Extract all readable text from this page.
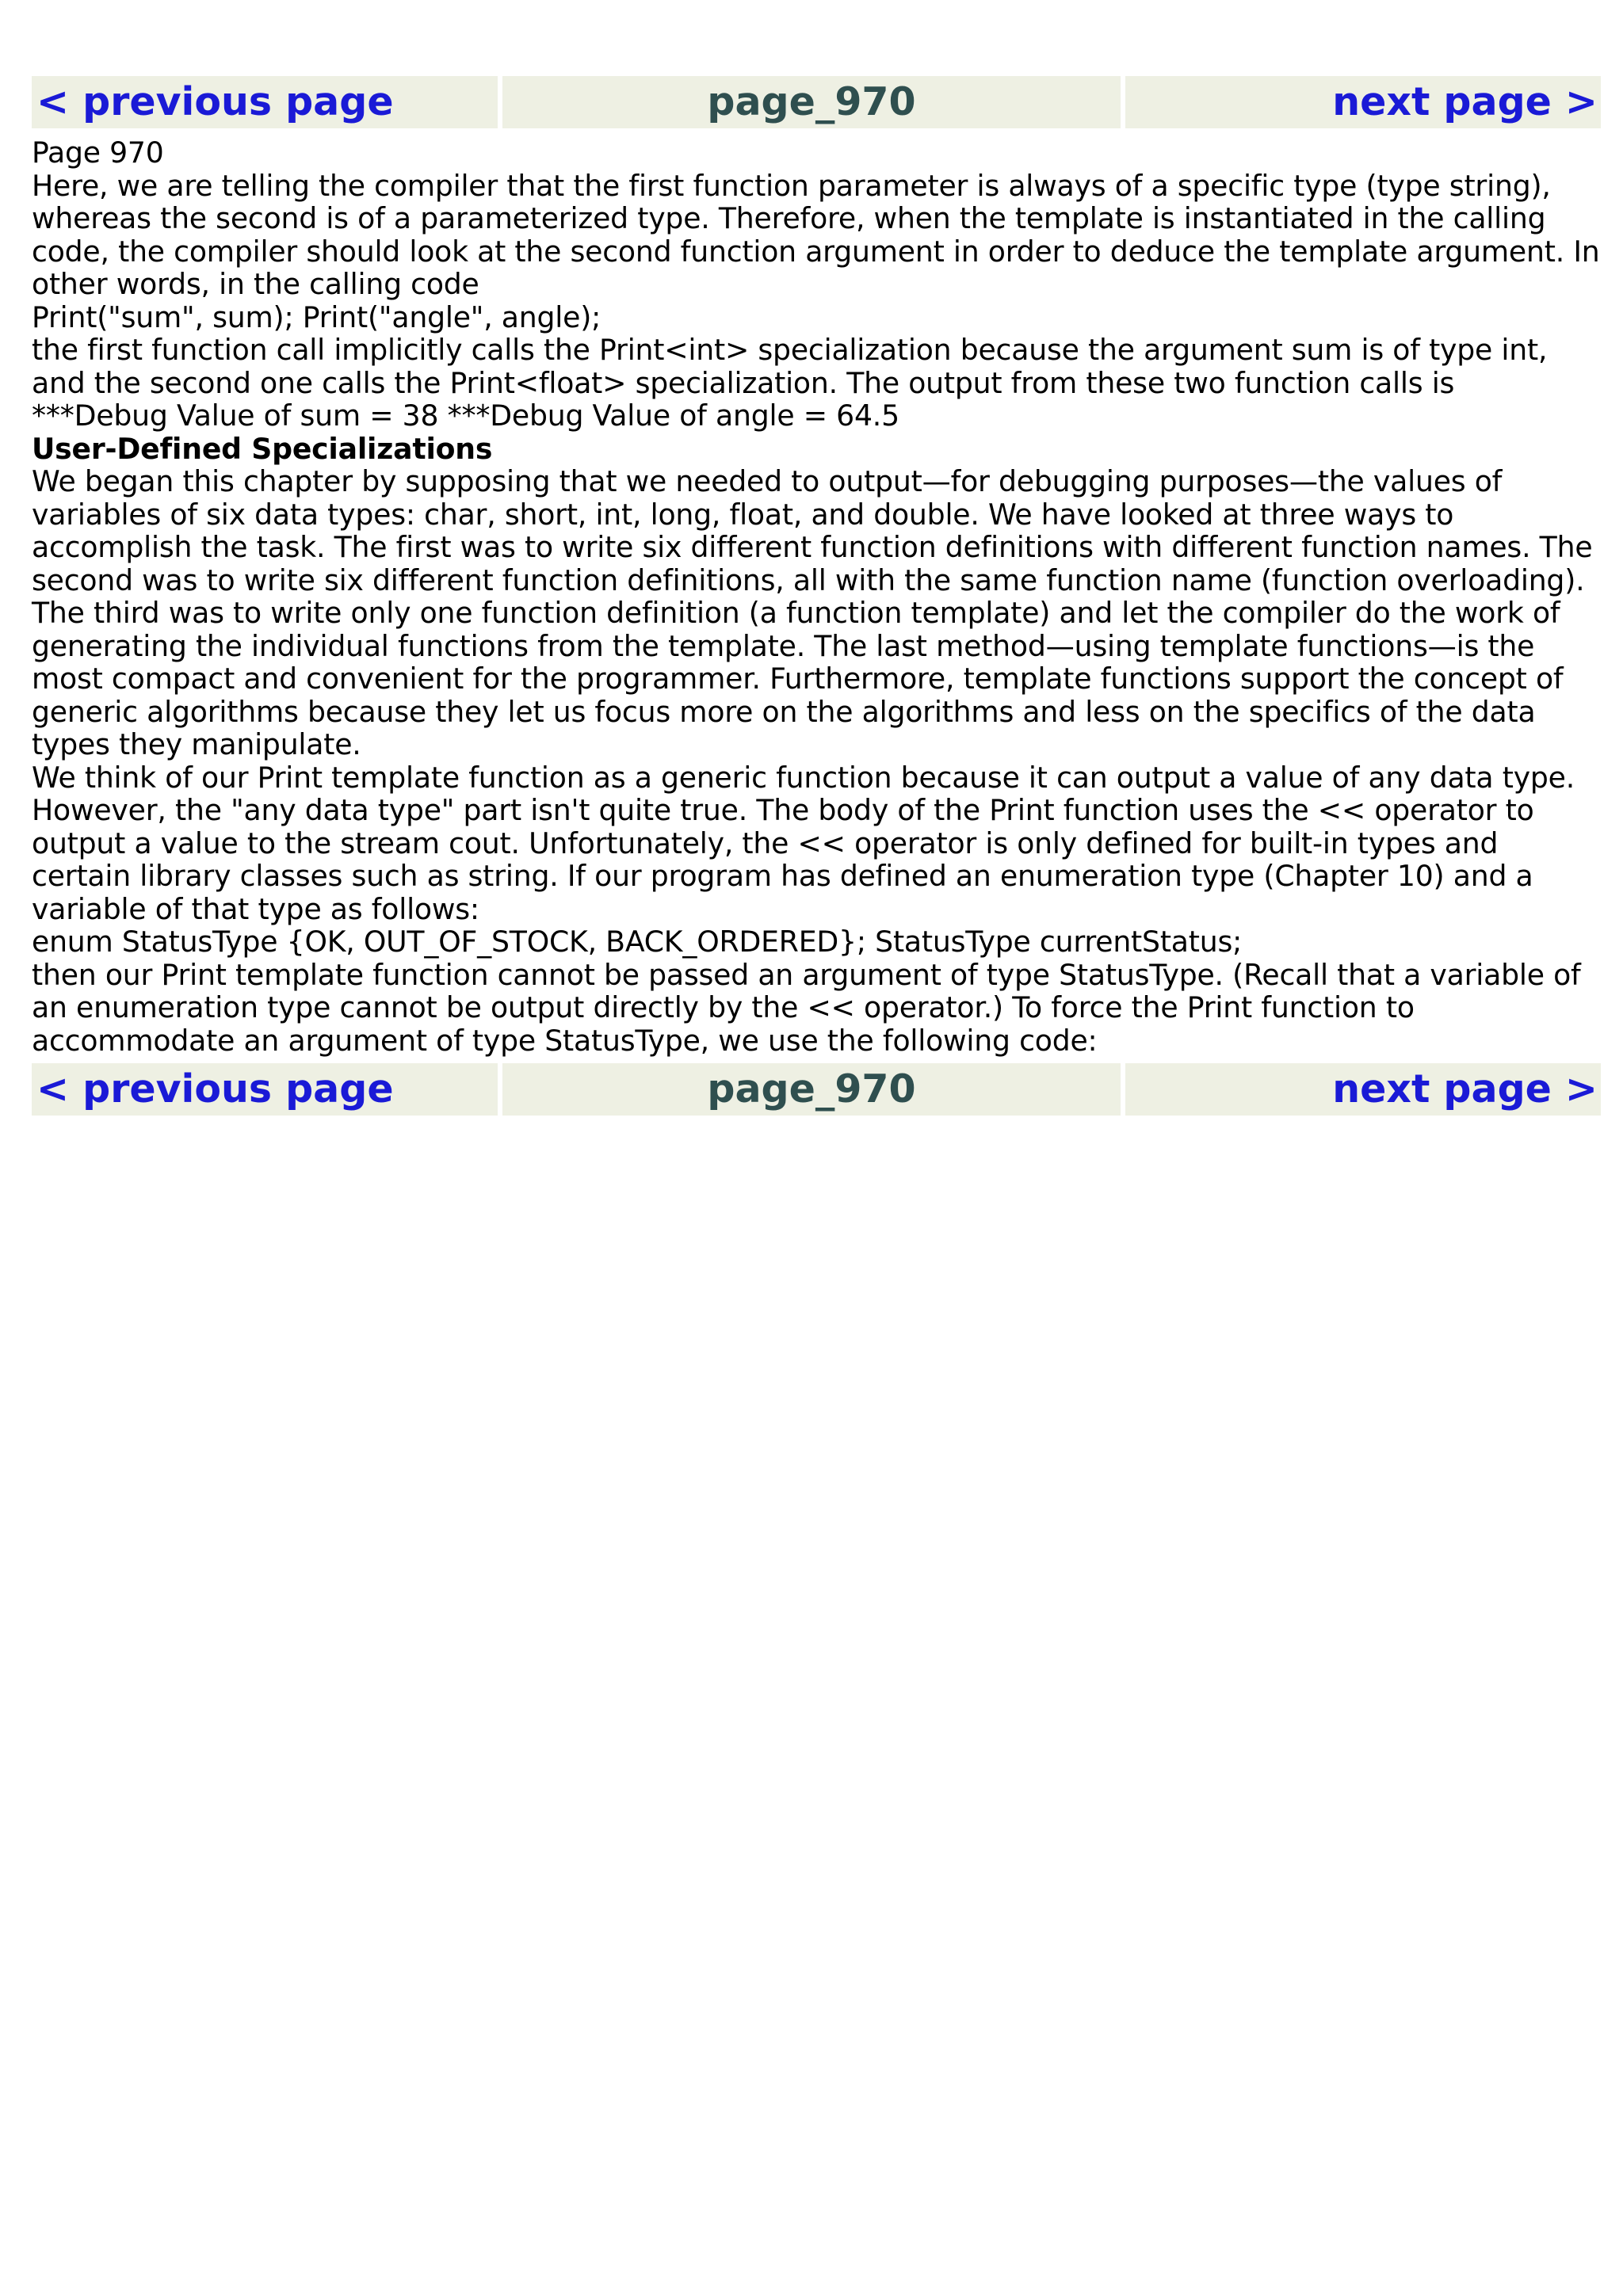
< previous page	page_970	next page >

Page 970

Here, we are telling the compiler that the first function parameter is always of a specific type (type string), whereas the second is of a parameterized type. Therefore, when the template is instantiated in the calling code, the compiler should look at the second function argument in order to deduce the template argument. In other words, in the calling code

Print("sum", sum); Print("angle", angle);

the first function call implicitly calls the Print<int> specialization because the argument sum is of type int, and the second one calls the Print<float> specialization. The output from these two function calls is

***Debug Value of sum = 38 ***Debug Value of angle = 64.5

User-Defined Specializations

We began this chapter by supposing that we needed to output—for debugging purposes—the values of variables of six data types: char, short, int, long, float, and double. We have looked at three ways to accomplish the task. The first was to write six different function definitions with different function names. The second was to write six different function definitions, all with the same function name (function overloading). The third was to write only one function definition (a function template) and let the compiler do the work of generating the individual functions from the template. The last method—using template functions—is the most compact and convenient for the programmer. Furthermore, template functions support the concept of generic algorithms because they let us focus more on the algorithms and less on the specifics of the data types they manipulate.

We think of our Print template function as a generic function because it can output a value of any data type. However, the "any data type" part isn't quite true. The body of the Print function uses the << operator to output a value to the stream cout. Unfortunately, the << operator is only defined for built-in types and certain library classes such as string. If our program has defined an enumeration type (Chapter 10) and a variable of that type as follows:

enum StatusType {OK, OUT_OF_STOCK, BACK_ORDERED}; StatusType currentStatus;

then our Print template function cannot be passed an argument of type StatusType. (Recall that a variable of an enumeration type cannot be output directly by the << operator.) To force the Print function to accommodate an argument of type StatusType, we use the following code:

< previous page	page_970	next page >
